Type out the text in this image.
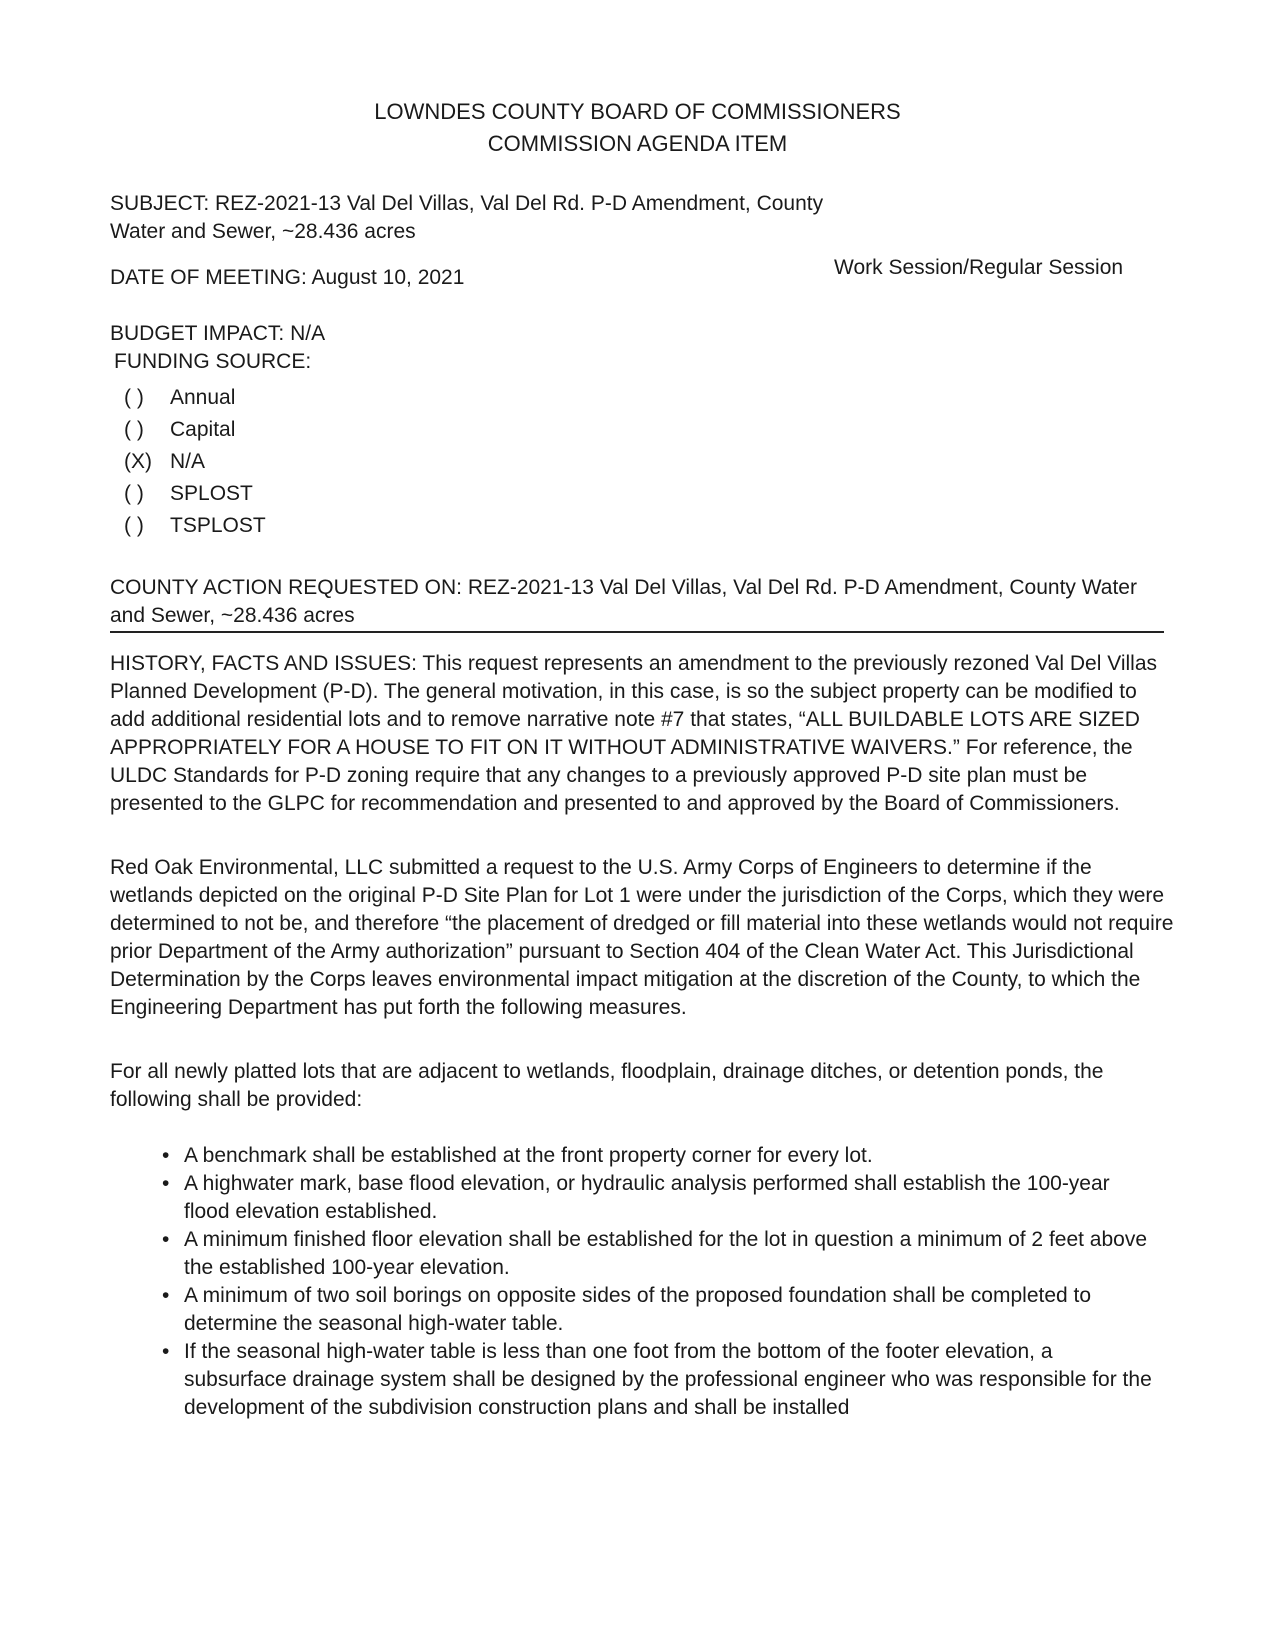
LOWNDES COUNTY BOARD OF COMMISSIONERS
COMMISSION AGENDA ITEM
SUBJECT: REZ-2021-13 Val Del Villas, Val Del Rd. P-D Amendment, County Water and Sewer, ~28.436 acres
DATE OF MEETING: August 10, 2021	Work Session/Regular Session
BUDGET IMPACT: N/A
FUNDING SOURCE:
( )	Annual
( )	Capital
(X) N/A
( )	SPLOST
( )	TSPLOST
COUNTY ACTION REQUESTED ON: REZ-2021-13 Val Del Villas, Val Del Rd. P-D Amendment, County Water and Sewer, ~28.436 acres
HISTORY, FACTS AND ISSUES: This request represents an amendment to the previously rezoned Val Del Villas Planned Development (P-D). The general motivation, in this case, is so the subject property can be modified to add additional residential lots and to remove narrative note #7 that states, “ALL BUILDABLE LOTS ARE SIZED APPROPRIATELY FOR A HOUSE TO FIT ON IT WITHOUT ADMINISTRATIVE WAIVERS.” For reference, the ULDC Standards for P-D zoning require that any changes to a previously approved P-D site plan must be presented to the GLPC for recommendation and presented to and approved by the Board of Commissioners.
Red Oak Environmental, LLC submitted a request to the U.S. Army Corps of Engineers to determine if the wetlands depicted on the original P-D Site Plan for Lot 1 were under the jurisdiction of the Corps, which they were determined to not be, and therefore “the placement of dredged or fill material into these wetlands would not require prior Department of the Army authorization” pursuant to Section 404 of the Clean Water Act. This Jurisdictional Determination by the Corps leaves environmental impact mitigation at the discretion of the County, to which the Engineering Department has put forth the following measures.
For all newly platted lots that are adjacent to wetlands, floodplain, drainage ditches, or detention ponds, the following shall be provided:
• A benchmark shall be established at the front property corner for every lot.
• A highwater mark, base flood elevation, or hydraulic analysis performed shall establish the 100-year flood elevation established.
• A minimum finished floor elevation shall be established for the lot in question a minimum of 2 feet above the established 100-year elevation.
• A minimum of two soil borings on opposite sides of the proposed foundation shall be completed to determine the seasonal high-water table.
• If the seasonal high-water table is less than one foot from the bottom of the footer elevation, a subsurface drainage system shall be designed by the professional engineer who was responsible for the development of the subdivision construction plans and shall be installed
